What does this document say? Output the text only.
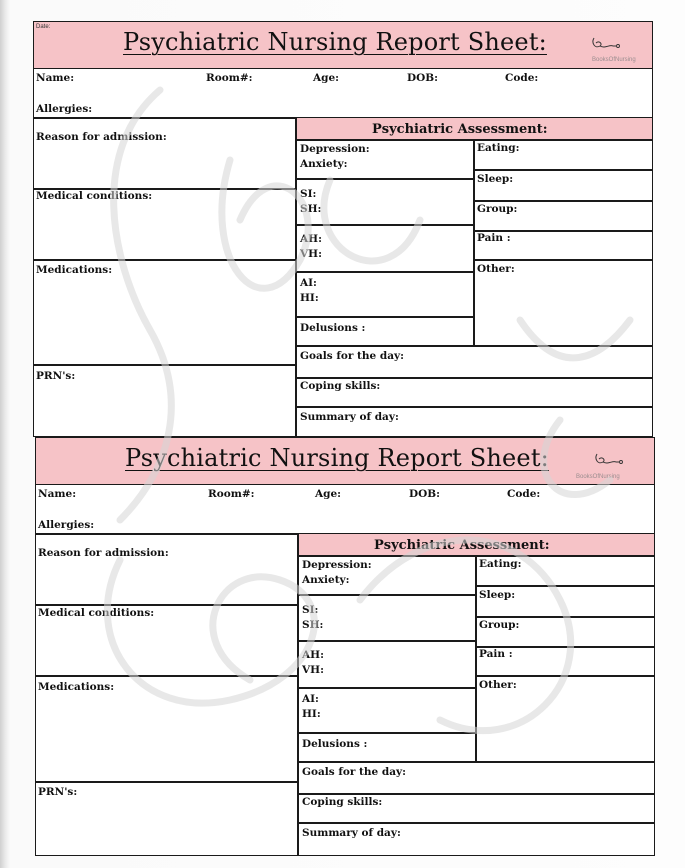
Date:
Psychiatric Nursing Report Sheet:
BooksOfNursing
Name:	Room#:	Age:	DOB:	Code:
Allergies:
Reason for admission:
Medical conditions:
Medications:
PRN's:
Psychiatric Assessment:
Depression:
Anxiety:
SI:
SH:
AH:
VH:
AI:
HI:
Delusions :
Eating:
Sleep:
Group:
Pain :
Other:
Goals for the day:
Coping skills:
Summary of day:
Psychiatric Nursing Report Sheet:
BooksOfNursing
Name:	Room#:	Age:	DOB:	Code:
Allergies:
Reason for admission:
Medical conditions:
Medications:
PRN's:
Psychiatric Assessment:
Depression:
Anxiety:
SI:
SH:
AH:
VH:
AI:
HI:
Delusions :
Eating:
Sleep:
Group:
Pain :
Other:
Goals for the day:
Coping skills:
Summary of day:
